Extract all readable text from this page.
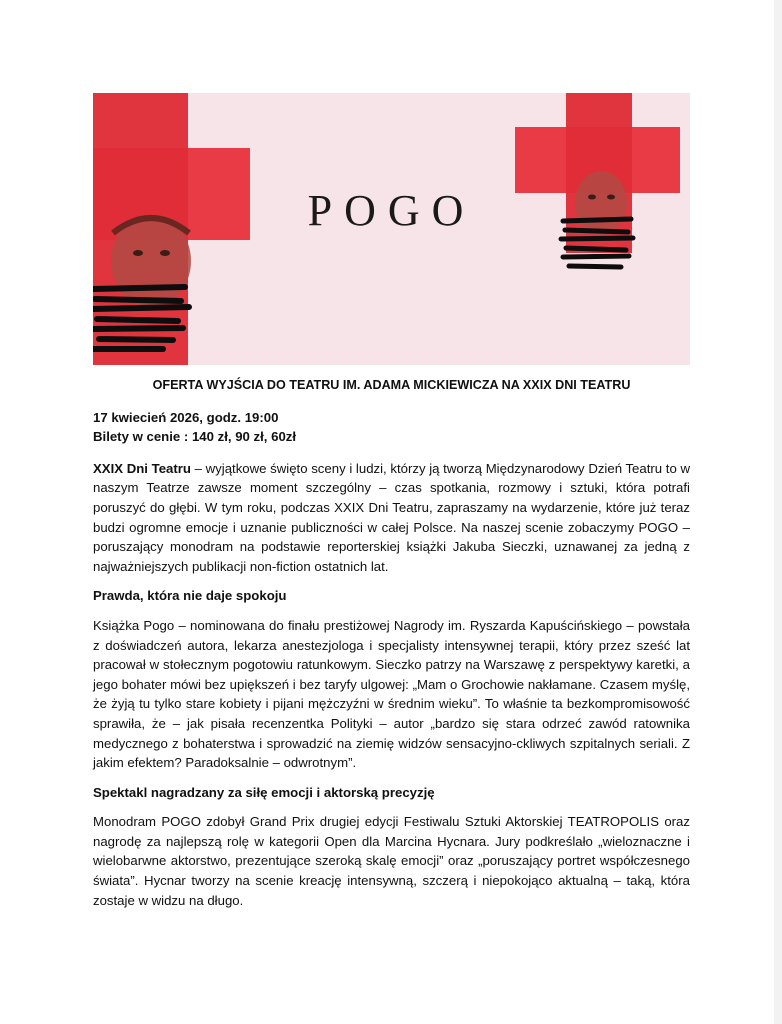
POGO
OFERTA WYJŚCIA DO TEATRU IM. ADAMA MICKIEWICZA NA XXIX DNI TEATRU
17 kwiecień 2026, godz. 19:00
Bilety w cenie : 140 zł, 90 zł, 60zł

XXIX Dni Teatru – wyjątkowe święto sceny i ludzi, którzy ją tworzą Międzynarodowy Dzień Teatru to w naszym Teatrze zawsze moment szczególny – czas spotkania, rozmowy i sztuki, która potrafi poruszyć do głębi. W tym roku, podczas XXIX Dni Teatru, zapraszamy na wydarzenie, które już teraz budzi ogromne emocje i uznanie publiczności w całej Polsce. Na naszej scenie zobaczymy POGO – poruszający monodram na podstawie reporterskiej książki Jakuba Sieczki, uznawanej za jedną z najważniejszych publikacji non-fiction ostatnich lat.

Prawda, która nie daje spokoju

Książka Pogo – nominowana do finału prestiżowej Nagrody im. Ryszarda Kapuścińskiego – powstała z doświadczeń autora, lekarza anestezjologa i specjalisty intensywnej terapii, który przez sześć lat pracował w stołecznym pogotowiu ratunkowym. Sieczko patrzy na Warszawę z perspektywy karetki, a jego bohater mówi bez upiększeń i bez taryfy ulgowej: „Mam o Grochowie nakłamane. Czasem myślę, że żyją tu tylko stare kobiety i pijani mężczyźni w średnim wieku”. To właśnie ta bezkompromisowość sprawiła, że – jak pisała recenzentka Polityki – autor „bardzo się stara odrzeć zawód ratownika medycznego z bohaterstwa i sprowadzić na ziemię widzów sensacyjno-ckliwych szpitalnych seriali. Z jakim efektem? Paradoksalnie – odwrotnym”.

Spektakl nagradzany za siłę emocji i aktorską precyzję

Monodram POGO zdobył Grand Prix drugiej edycji Festiwalu Sztuki Aktorskiej TEATROPOLIS oraz nagrodę za najlepszą rolę w kategorii Open dla Marcina Hycnara. Jury podkreślało „wieloznaczne i wielobarwne aktorstwo, prezentujące szeroką skalę emocji” oraz „poruszający portret współczesnego świata”. Hycnar tworzy na scenie kreację intensywną, szczerą i niepokojąco aktualną – taką, która zostaje w widzu na długo.
